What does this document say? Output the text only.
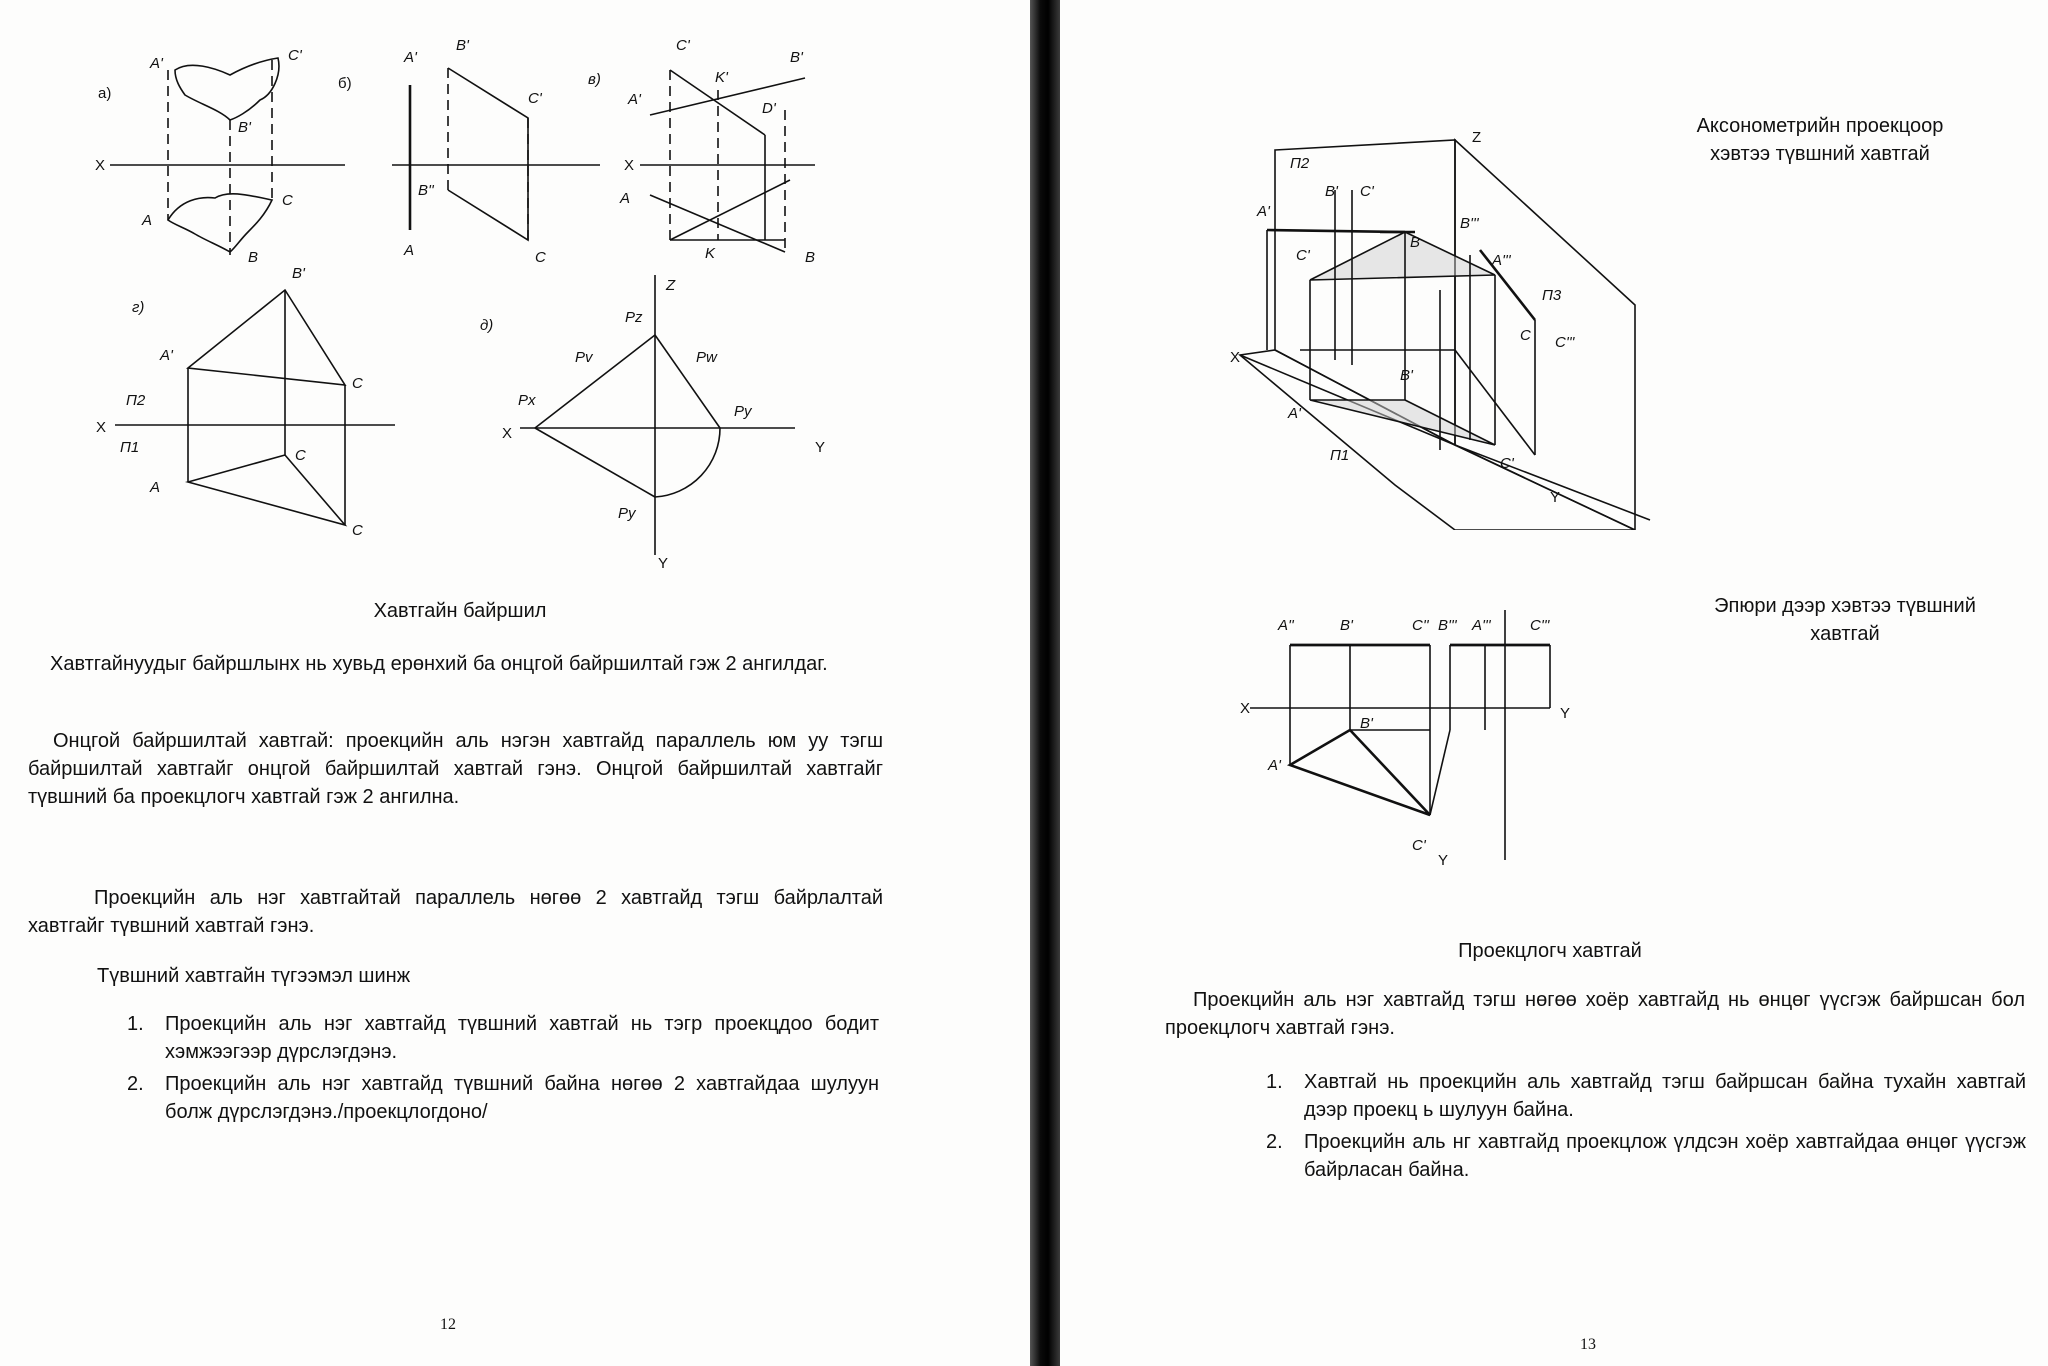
а)
X
A'	C'
B'
A
C
B
б)
A'
B'
C'
B''
A	C
в)
C'
B'
K'
A'
D'
X
A
K	B
г)
B'
A'
C
Π2
X
Π1	C
A
C
д)
Z
Pz
Pv	Pw
Px
Py
X
Y
Py
Y
Хавтгайн байршил
Хавтгайнуудыг байршлынх нь хувьд ерөнхий ба онцгой байршилтай гэж 2 ангилдаг.
Онцгой байршилтай хавтгай: проекцийн аль нэгэн хавтгайд параллель юм уу тэгш байршилтай хавтгайг онцгой байршилтай хавтгай гэнэ. Онцгой байршилтай хавтгайг түвшний ба проекцлогч хавтгай гэж 2 ангилна.
Проекцийн аль нэг хавтгайтай параллель нөгөө 2 хавтгайд тэгш байрлалтай хавтгайг түвшний хавтгай гэнэ.
Түвшний хавтгайн түгээмэл шинж
1. Проекцийн аль нэг хавтгайд түвшний хавтгай нь тэгр проекцдоо бодит хэмжээгээр дүрслэгдэнэ.
2. Проекцийн аль нэг хавтгайд түвшний байна нөгөө 2 хавтгайдаа шулуун болж дүрслэгдэнэ./проекцлогдоно/
12
Z
Π2
A'
B' C'
C'
B
B'''
A'''
Π3
C C'''
X
B'
A'
Π1	C'
Y
Аксонометрийн проекцоор хэвтээ түвшний хавтгай
A''	B'	C'' B''' A'''	C'''
X	Y
B'
A'
C'
Y
Эпюри дээр хэвтээ түвшний хавтгай
Проекцлогч хавтгай
Проекцийн аль нэг хавтгайд тэгш нөгөө хоёр хавтгайд нь өнцөг үүсгэж байршсан бол проекцлогч хавтгай гэнэ.
1. Хавтгай нь проекцийн аль хавтгайд тэгш байршсан байна тухайн хавтгай дээр проекц ь шулуун байна.
2. Проекцийн аль нг хавтгайд проекцлож үлдсэн хоёр хавтгайдаа өнцөг үүсгэж байрласан байна.
13
